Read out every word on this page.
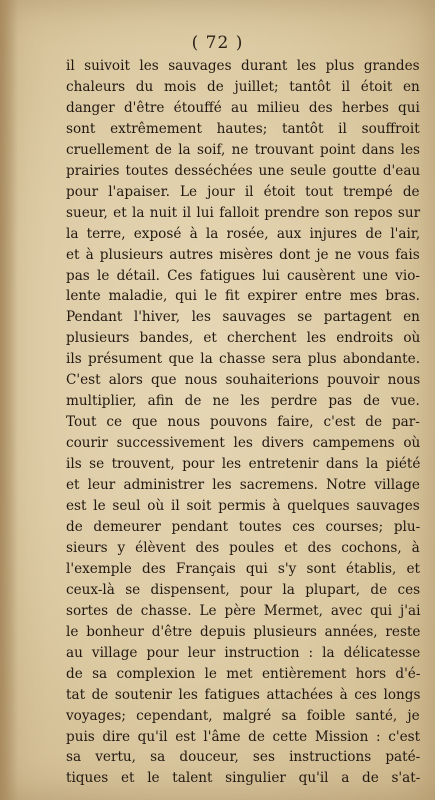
( 72 )
il suivoit les sauvages durant les plus grandes
chaleurs du mois de juillet; tantôt il étoit en
danger d'être étouffé au milieu des herbes qui
sont extrêmement hautes; tantôt il souffroit
cruellement de la soif, ne trouvant point dans les
prairies toutes desséchées une seule goutte d'eau
pour l'apaiser. Le jour il étoit tout trempé de
sueur, et la nuit il lui falloit prendre son repos sur
la terre, exposé à la rosée, aux injures de l'air,
et à plusieurs autres misères dont je ne vous fais
pas le détail. Ces fatigues lui causèrent une vio-
lente maladie, qui le fit expirer entre mes bras.
Pendant l'hiver, les sauvages se partagent en
plusieurs bandes, et cherchent les endroits où
ils présument que la chasse sera plus abondante.
C'est alors que nous souhaiterions pouvoir nous
multiplier, afin de ne les perdre pas de vue.
Tout ce que nous pouvons faire, c'est de par-
courir successivement les divers campemens où
ils se trouvent, pour les entretenir dans la piété
et leur administrer les sacremens. Notre village
est le seul où il soit permis à quelques sauvages
de demeurer pendant toutes ces courses; plu-
sieurs y élèvent des poules et des cochons, à
l'exemple des Français qui s'y sont établis, et
ceux-là se dispensent, pour la plupart, de ces
sortes de chasse. Le père Mermet, avec qui j'ai
le bonheur d'être depuis plusieurs années, reste
au village pour leur instruction : la délicatesse
de sa complexion le met entièrement hors d'é-
tat de soutenir les fatigues attachées à ces longs
voyages; cependant, malgré sa foible santé, je
puis dire qu'il est l'âme de cette Mission : c'est
sa vertu, sa douceur, ses instructions paté-
tiques et le talent singulier qu'il a de s'at-
